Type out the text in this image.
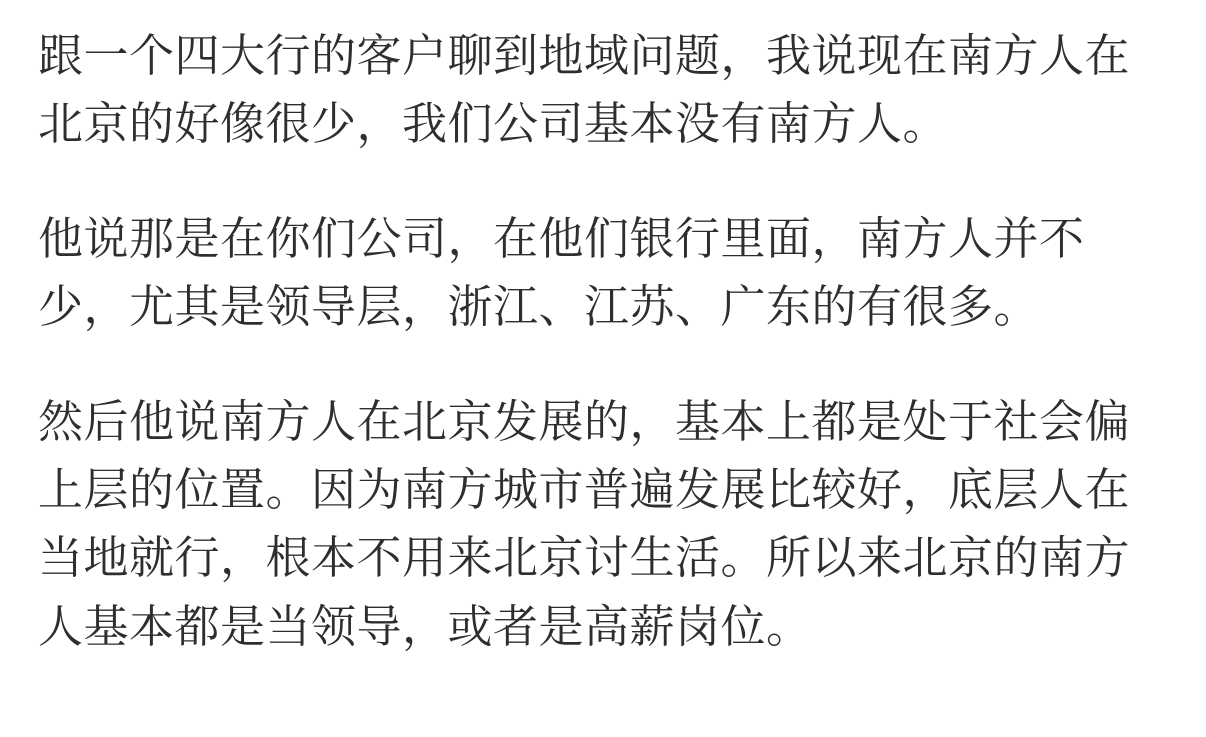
跟一个四大行的客户聊到地域问题，我说现在南方人在北京的好像很少，我们公司基本没有南方人。

他说那是在你们公司，在他们银行里面，南方人并不少，尤其是领导层，浙江、江苏、广东的有很多。

然后他说南方人在北京发展的，基本上都是处于社会偏上层的位置。因为南方城市普遍发展比较好，底层人在当地就行，根本不用来北京讨生活。所以来北京的南方人基本都是当领导，或者是高薪岗位。
